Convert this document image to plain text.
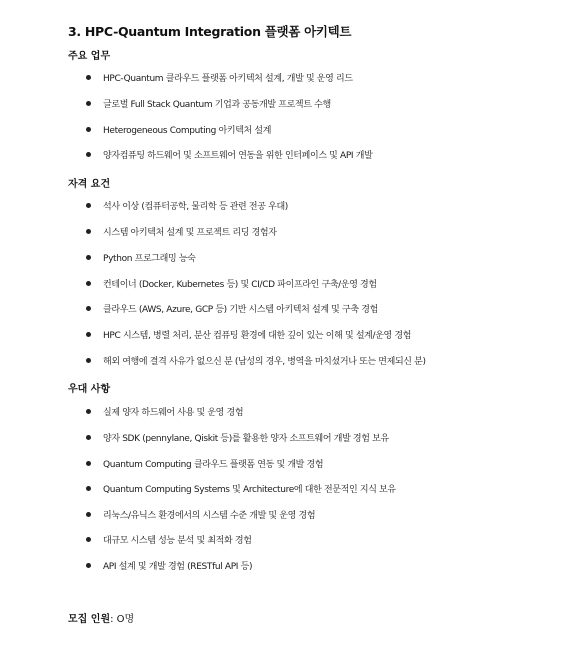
3. HPC-Quantum Integration 플랫폼 아키텍트
주요 업무
HPC-Quantum 클라우드 플랫폼 아키텍처 설계, 개발 및 운영 리드
글로벌 Full Stack Quantum 기업과 공동개발 프로젝트 수행
Heterogeneous Computing 아키텍처 설계
양자컴퓨팅 하드웨어 및 소프트웨어 연동을 위한 인터페이스 및 API 개발
자격 요건
석사 이상 (컴퓨터공학, 물리학 등 관련 전공 우대)
시스템 아키텍처 설계 및 프로젝트 리딩 경험자
Python 프로그래밍 능숙
컨테이너 (Docker, Kubernetes 등) 및 CI/CD 파이프라인 구축/운영 경험
클라우드 (AWS, Azure, GCP 등) 기반 시스템 아키텍처 설계 및 구축 경험
HPC 시스템, 병렬 처리, 분산 컴퓨팅 환경에 대한 깊이 있는 이해 및 설계/운영 경험
해외 여행에 결격 사유가 없으신 분 (남성의 경우, 병역을 마치셨거나 또는 면제되신 분)
우대 사항
실제 양자 하드웨어 사용 및 운영 경험
양자 SDK (pennylane, Qiskit 등)를 활용한 양자 소프트웨어 개발 경험 보유
Quantum Computing 클라우드 플랫폼 연동 및 개발 경험
Quantum Computing Systems 및 Architecture에 대한 전문적인 지식 보유
리눅스/유닉스 환경에서의 시스템 수준 개발 및 운영 경험
대규모 시스템 성능 분석 및 최적화 경험
API 설계 및 개발 경험 (RESTful API 등)
모집 인원: O명
